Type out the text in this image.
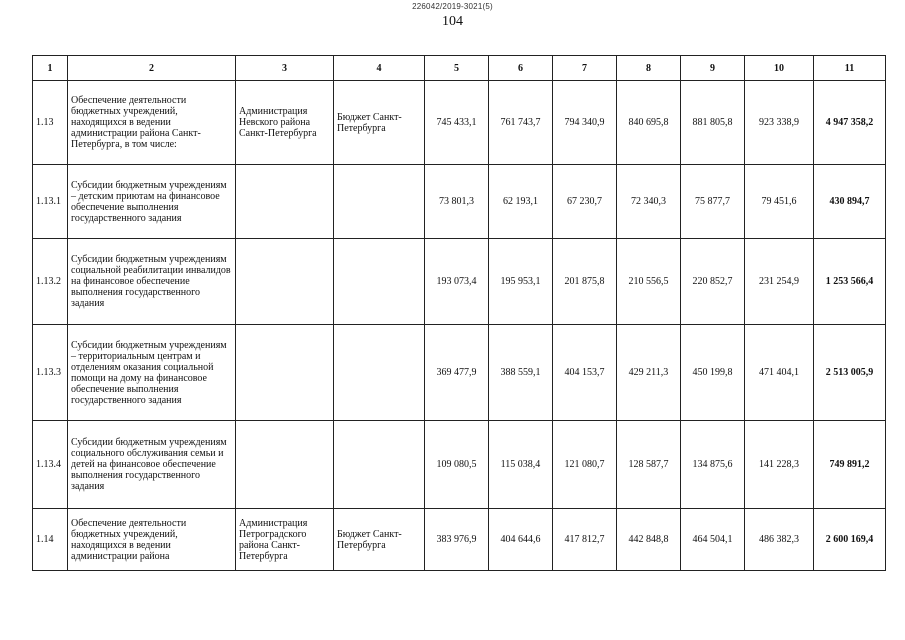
226042/2019-3021(5)
104
1	2	3	4	5	6	7	8	9	10	11
1.13	Обеспечение деятельности бюджетных учреждений, находящихся в ведении администрации района Санкт-Петербурга, в том числе:	Администрация Невского района Санкт-Петербурга	Бюджет Санкт-Петербурга	745 433,1	761 743,7	794 340,9	840 695,8	881 805,8	923 338,9	4 947 358,2
1.13.1	Субсидии бюджетным учреждениям – детским приютам на финансовое обеспечение выполнения государственного задания			73 801,3	62 193,1	67 230,7	72 340,3	75 877,7	79 451,6	430 894,7
1.13.2	Субсидии бюджетным учреждениям социальной реабилитации инвалидов на финансовое обеспечение выполнения государственного задания			193 073,4	195 953,1	201 875,8	210 556,5	220 852,7	231 254,9	1 253 566,4
1.13.3	Субсидии бюджетным учреждениям – территориальным центрам и отделениям оказания социальной помощи на дому на финансовое обеспечение выполнения государственного задания			369 477,9	388 559,1	404 153,7	429 211,3	450 199,8	471 404,1	2 513 005,9
1.13.4	Субсидии бюджетным учреждениям социального обслуживания семьи и детей на финансовое обеспечение выполнения государственного задания			109 080,5	115 038,4	121 080,7	128 587,7	134 875,6	141 228,3	749 891,2
1.14	Обеспечение деятельности бюджетных учреждений, находящихся в ведении администрации района	Администрация Петроградского района Санкт-Петербурга	Бюджет Санкт-Петербурга	383 976,9	404 644,6	417 812,7	442 848,8	464 504,1	486 382,3	2 600 169,4
